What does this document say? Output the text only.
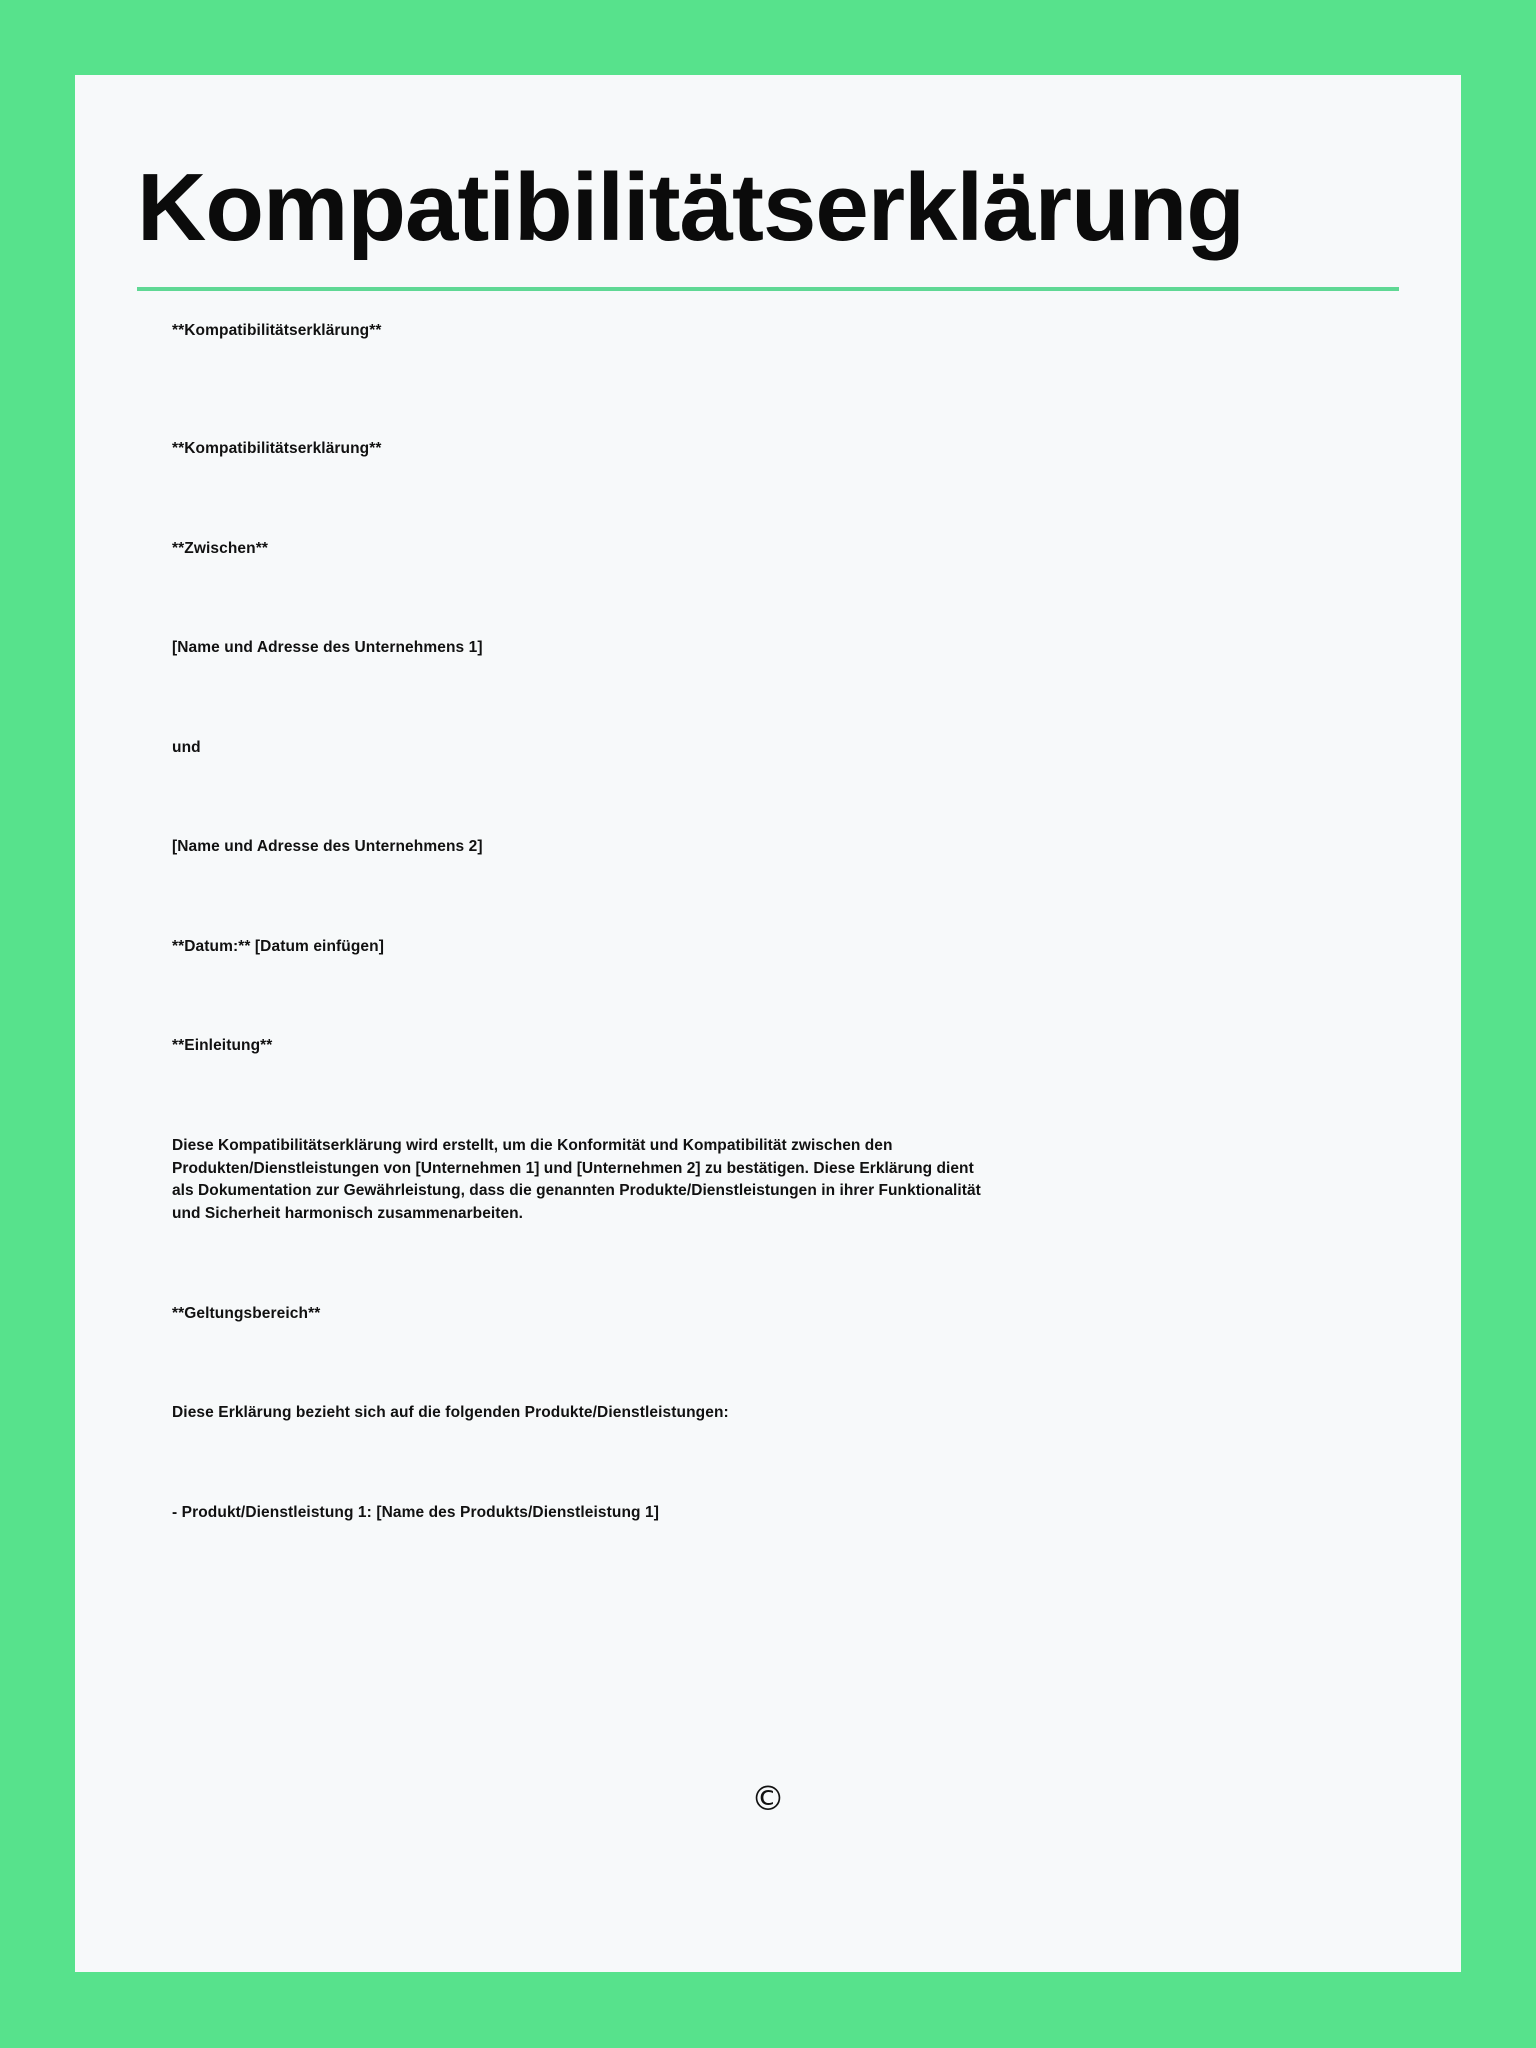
Kompatibilitätserklärung
**Kompatibilitätserklärung**
**Kompatibilitätserklärung**
**Zwischen**
[Name und Adresse des Unternehmens 1]
und
[Name und Adresse des Unternehmens 2]
**Datum:** [Datum einfügen]
**Einleitung**
Diese Kompatibilitätserklärung wird erstellt, um die Konformität und Kompatibilität zwischen den Produkten/Dienstleistungen von [Unternehmen 1] und [Unternehmen 2] zu bestätigen. Diese Erklärung dient als Dokumentation zur Gewährleistung, dass die genannten Produkte/Dienstleistungen in ihrer Funktionalität und Sicherheit harmonisch zusammenarbeiten.
**Geltungsbereich**
Diese Erklärung bezieht sich auf die folgenden Produkte/Dienstleistungen:
- Produkt/Dienstleistung 1: [Name des Produkts/Dienstleistung 1]
©
